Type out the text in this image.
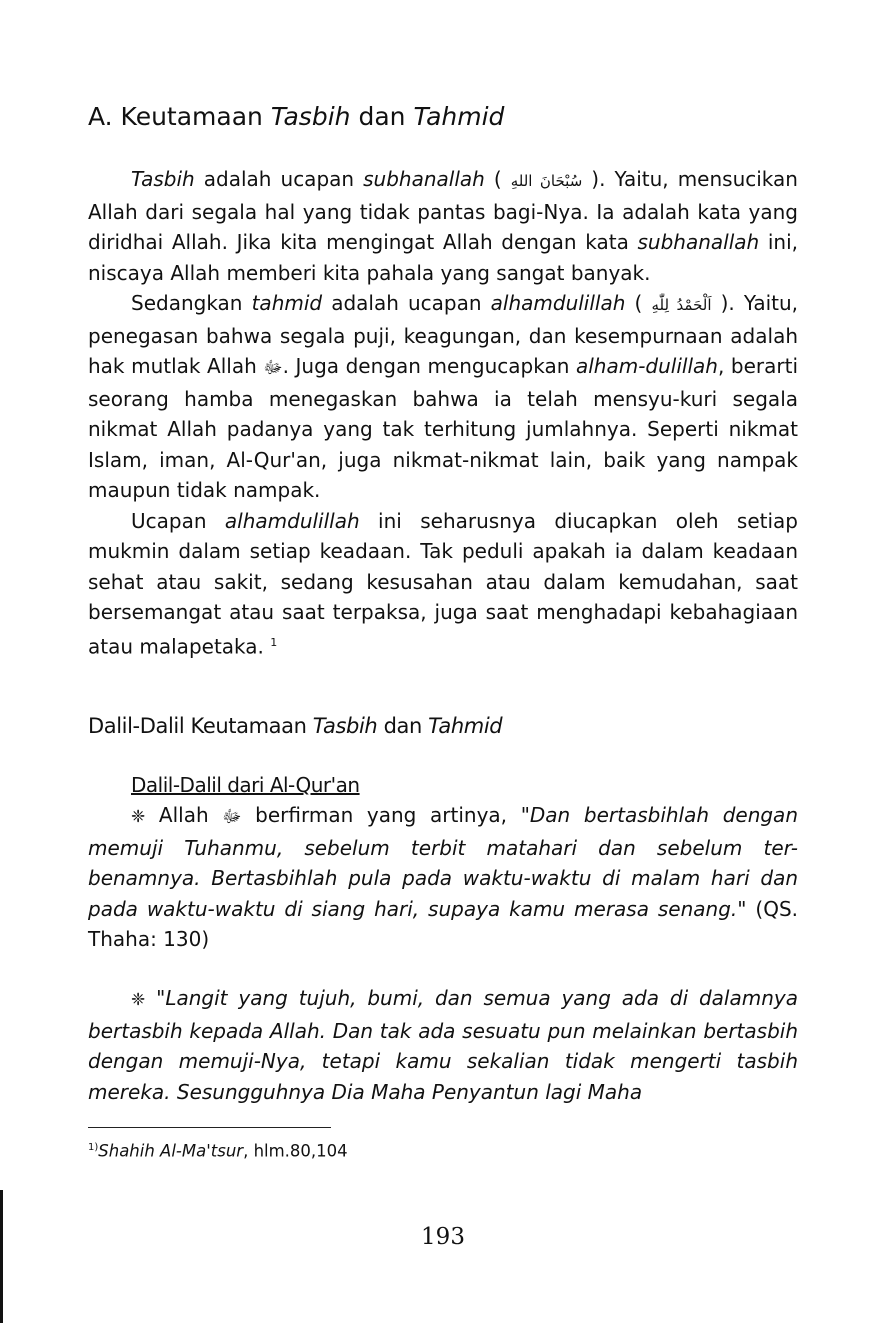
A. Keutamaan Tasbih dan Tahmid

Tasbih adalah ucapan subhanallah ( سُبْحَانَ اللهِ ). Yaitu, mensucikan Allah dari segala hal yang tidak pantas bagi-Nya. Ia adalah kata yang diridhai Allah. Jika kita mengingat Allah dengan kata subhanallah ini, niscaya Allah memberi kita pahala yang sangat banyak.

Sedangkan tahmid adalah ucapan alhamdulillah ( اَلْحَمْدُ لِلّٰهِ ). Yaitu, penegasan bahwa segala puji, keagungan, dan kesempurnaan adalah hak mutlak Allah ﷻ. Juga dengan mengucapkan alham-dulillah, berarti seorang hamba menegaskan bahwa ia telah mensyu-kuri segala nikmat Allah padanya yang tak terhitung jumlahnya. Seperti nikmat Islam, iman, Al-Qur'an, juga nikmat-nikmat lain, baik yang nampak maupun tidak nampak.

Ucapan alhamdulillah ini seharusnya diucapkan oleh setiap mukmin dalam setiap keadaan. Tak peduli apakah ia dalam keadaan sehat atau sakit, sedang kesusahan atau dalam kemudahan, saat bersemangat atau saat terpaksa, juga saat menghadapi kebahagiaan atau malapetaka. $^1$

Dalil-Dalil Keutamaan Tasbih dan Tahmid
Dalil-Dalil dari Al-Qur'an

❈ Allah ﷻ berfirman yang artinya, "Dan bertasbihlah dengan memuji Tuhanmu, sebelum terbit matahari dan sebelum ter-benamnya. Bertasbihlah pula pada waktu-waktu di malam hari dan pada waktu-waktu di siang hari, supaya kamu merasa senang." (QS. Thaha: 130)

❈ "Langit yang tujuh, bumi, dan semua yang ada di dalamnya bertasbih kepada Allah. Dan tak ada sesuatu pun melainkan bertasbih dengan memuji-Nya, tetapi kamu sekalian tidak mengerti tasbih mereka. Sesungguhnya Dia Maha Penyantun lagi Maha

$^{1)}$Shahih Al-Ma'tsur, hlm.80,104
193
